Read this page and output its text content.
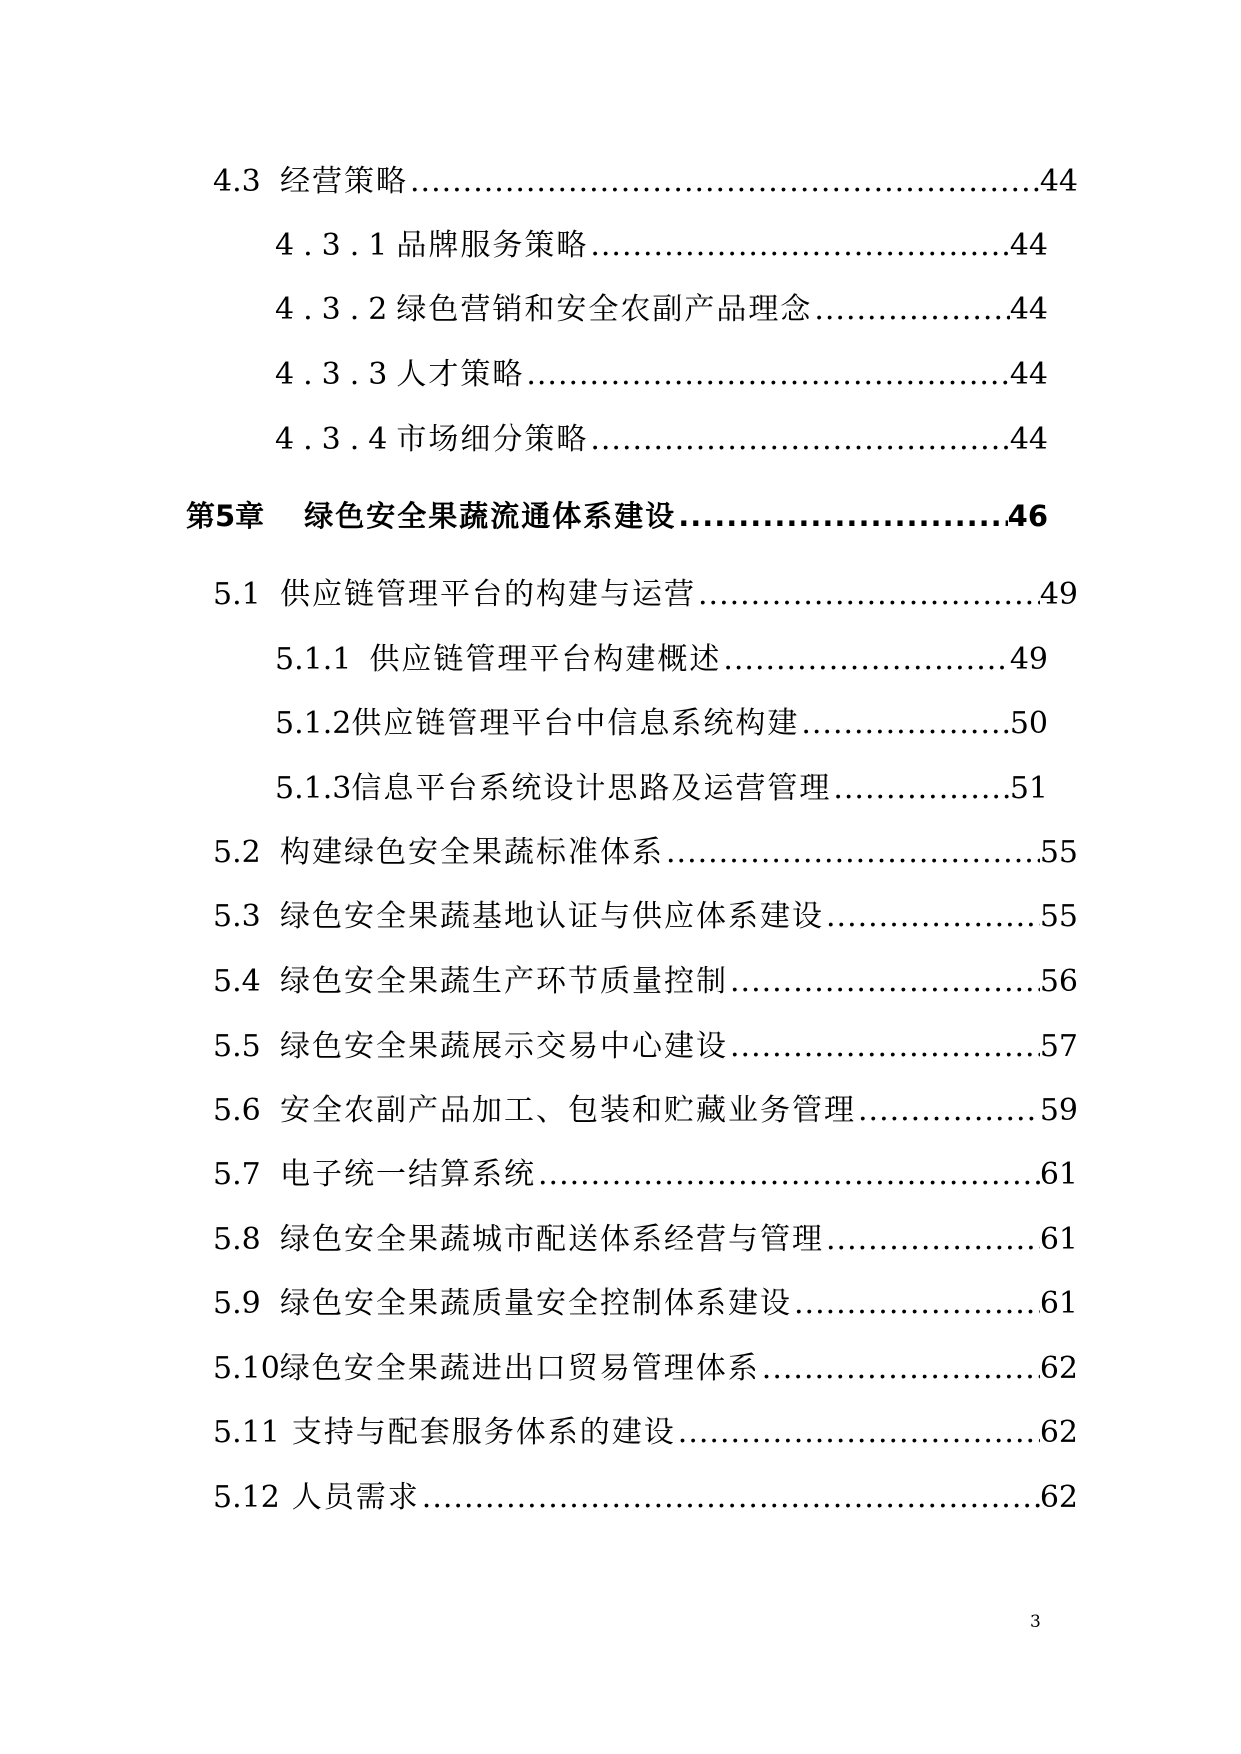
4.3 经营策略 .....	44
4.3.1 品牌服务策略 .....	44
4.3.2 绿色营销和安全农副产品理念 .....	44
4.3.3 人才策略 .....	44
4.3.4 市场细分策略 .....	44
第5章 绿色安全果蔬流通体系建设 .....	46
5.1 供应链管理平台的构建与运营 .....	49
5.1.1 供应链管理平台构建概述 .....	49
5.1.2 供应链管理平台中信息系统构建 .....	50
5.1.3 信息平台系统设计思路及运营管理 .....	51
5.2 构建绿色安全果蔬标准体系 .....	55
5.3 绿色安全果蔬基地认证与供应体系建设 .....	55
5.4 绿色安全果蔬生产环节质量控制 .....	56
5.5 绿色安全果蔬展示交易中心建设 .....	57
5.6 安全农副产品加工、包装和贮藏业务管理 .....	59
5.7 电子统一结算系统 .....	61
5.8 绿色安全果蔬城市配送体系经营与管理 .....	61
5.9 绿色安全果蔬质量安全控制体系建设 .....	61
5.10 绿色安全果蔬进出口贸易管理体系 .....	62
5.11 支持与配套服务体系的建设 .....	62
5.12 人员需求 .....	62
3
